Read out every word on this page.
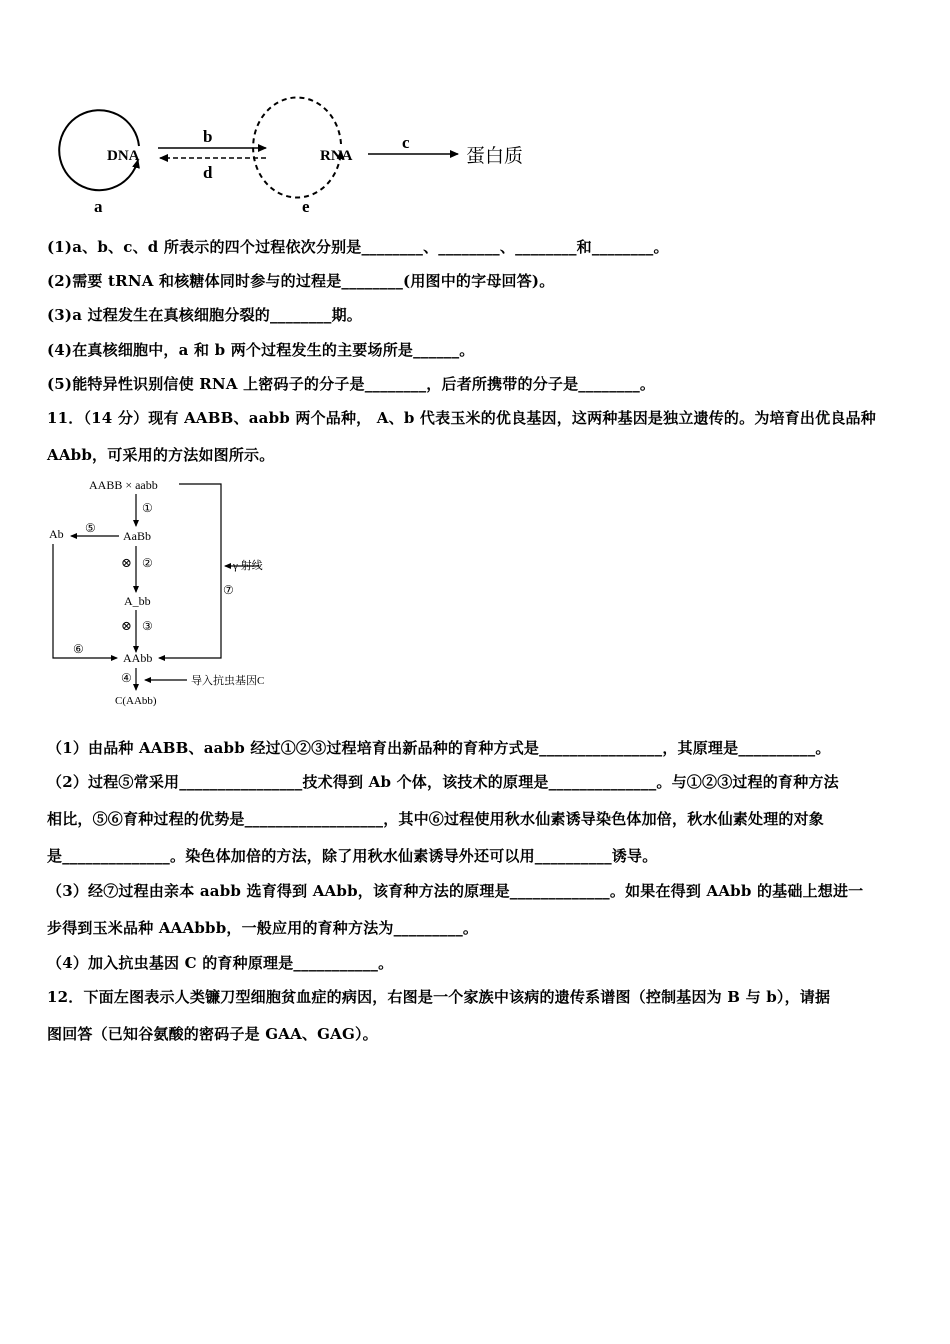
DNA
a
b
d
RNA
e
c
蛋白质
(1)a、b、c、d 所表示的四个过程依次分别是________、________、________和________。
(2)需要 tRNA 和核糖体同时参与的过程是________(用图中的字母回答)。
(3)a 过程发生在真核细胞分裂的________期。
(4)在真核细胞中，a 和 b 两个过程发生的主要场所是______。
(5)能特异性识别信使 RNA 上密码子的分子是________，后者所携带的分子是________。
11．（14 分）现有 AABB、aabb 两个品种， A、b 代表玉米的优良基因，这两种基因是独立遗传的。为培育出优良品种
AAbb，可采用的方法如图所示。
AABB × aabb
①
AaBb
⑤
Ab
⊗ ②
A_bb
⊗ ③
AAbb
⑥
⑦
γ 射线
导入抗虫基因C
④
C(AAbb)
（1）由品种 AABB、aabb 经过①②③过程培育出新品种的育种方式是________________，其原理是__________。
（2）过程⑤常采用________________技术得到 Ab 个体，该技术的原理是______________。与①②③过程的育种方法
相比，⑤⑥育种过程的优势是__________________，其中⑥过程使用秋水仙素诱导染色体加倍，秋水仙素处理的对象
是______________。染色体加倍的方法，除了用秋水仙素诱导外还可以用__________诱导。
（3）经⑦过程由亲本 aabb 选育得到 AAbb，该育种方法的原理是_____________。如果在得到 AAbb 的基础上想进一
步得到玉米品种 AAAbbb，一般应用的育种方法为_________。
（4）加入抗虫基因 C 的育种原理是___________。
12．下面左图表示人类镰刀型细胞贫血症的病因，右图是一个家族中该病的遗传系谱图（控制基因为 B 与 b），请据
图回答（已知谷氨酸的密码子是 GAA、GAG）。
